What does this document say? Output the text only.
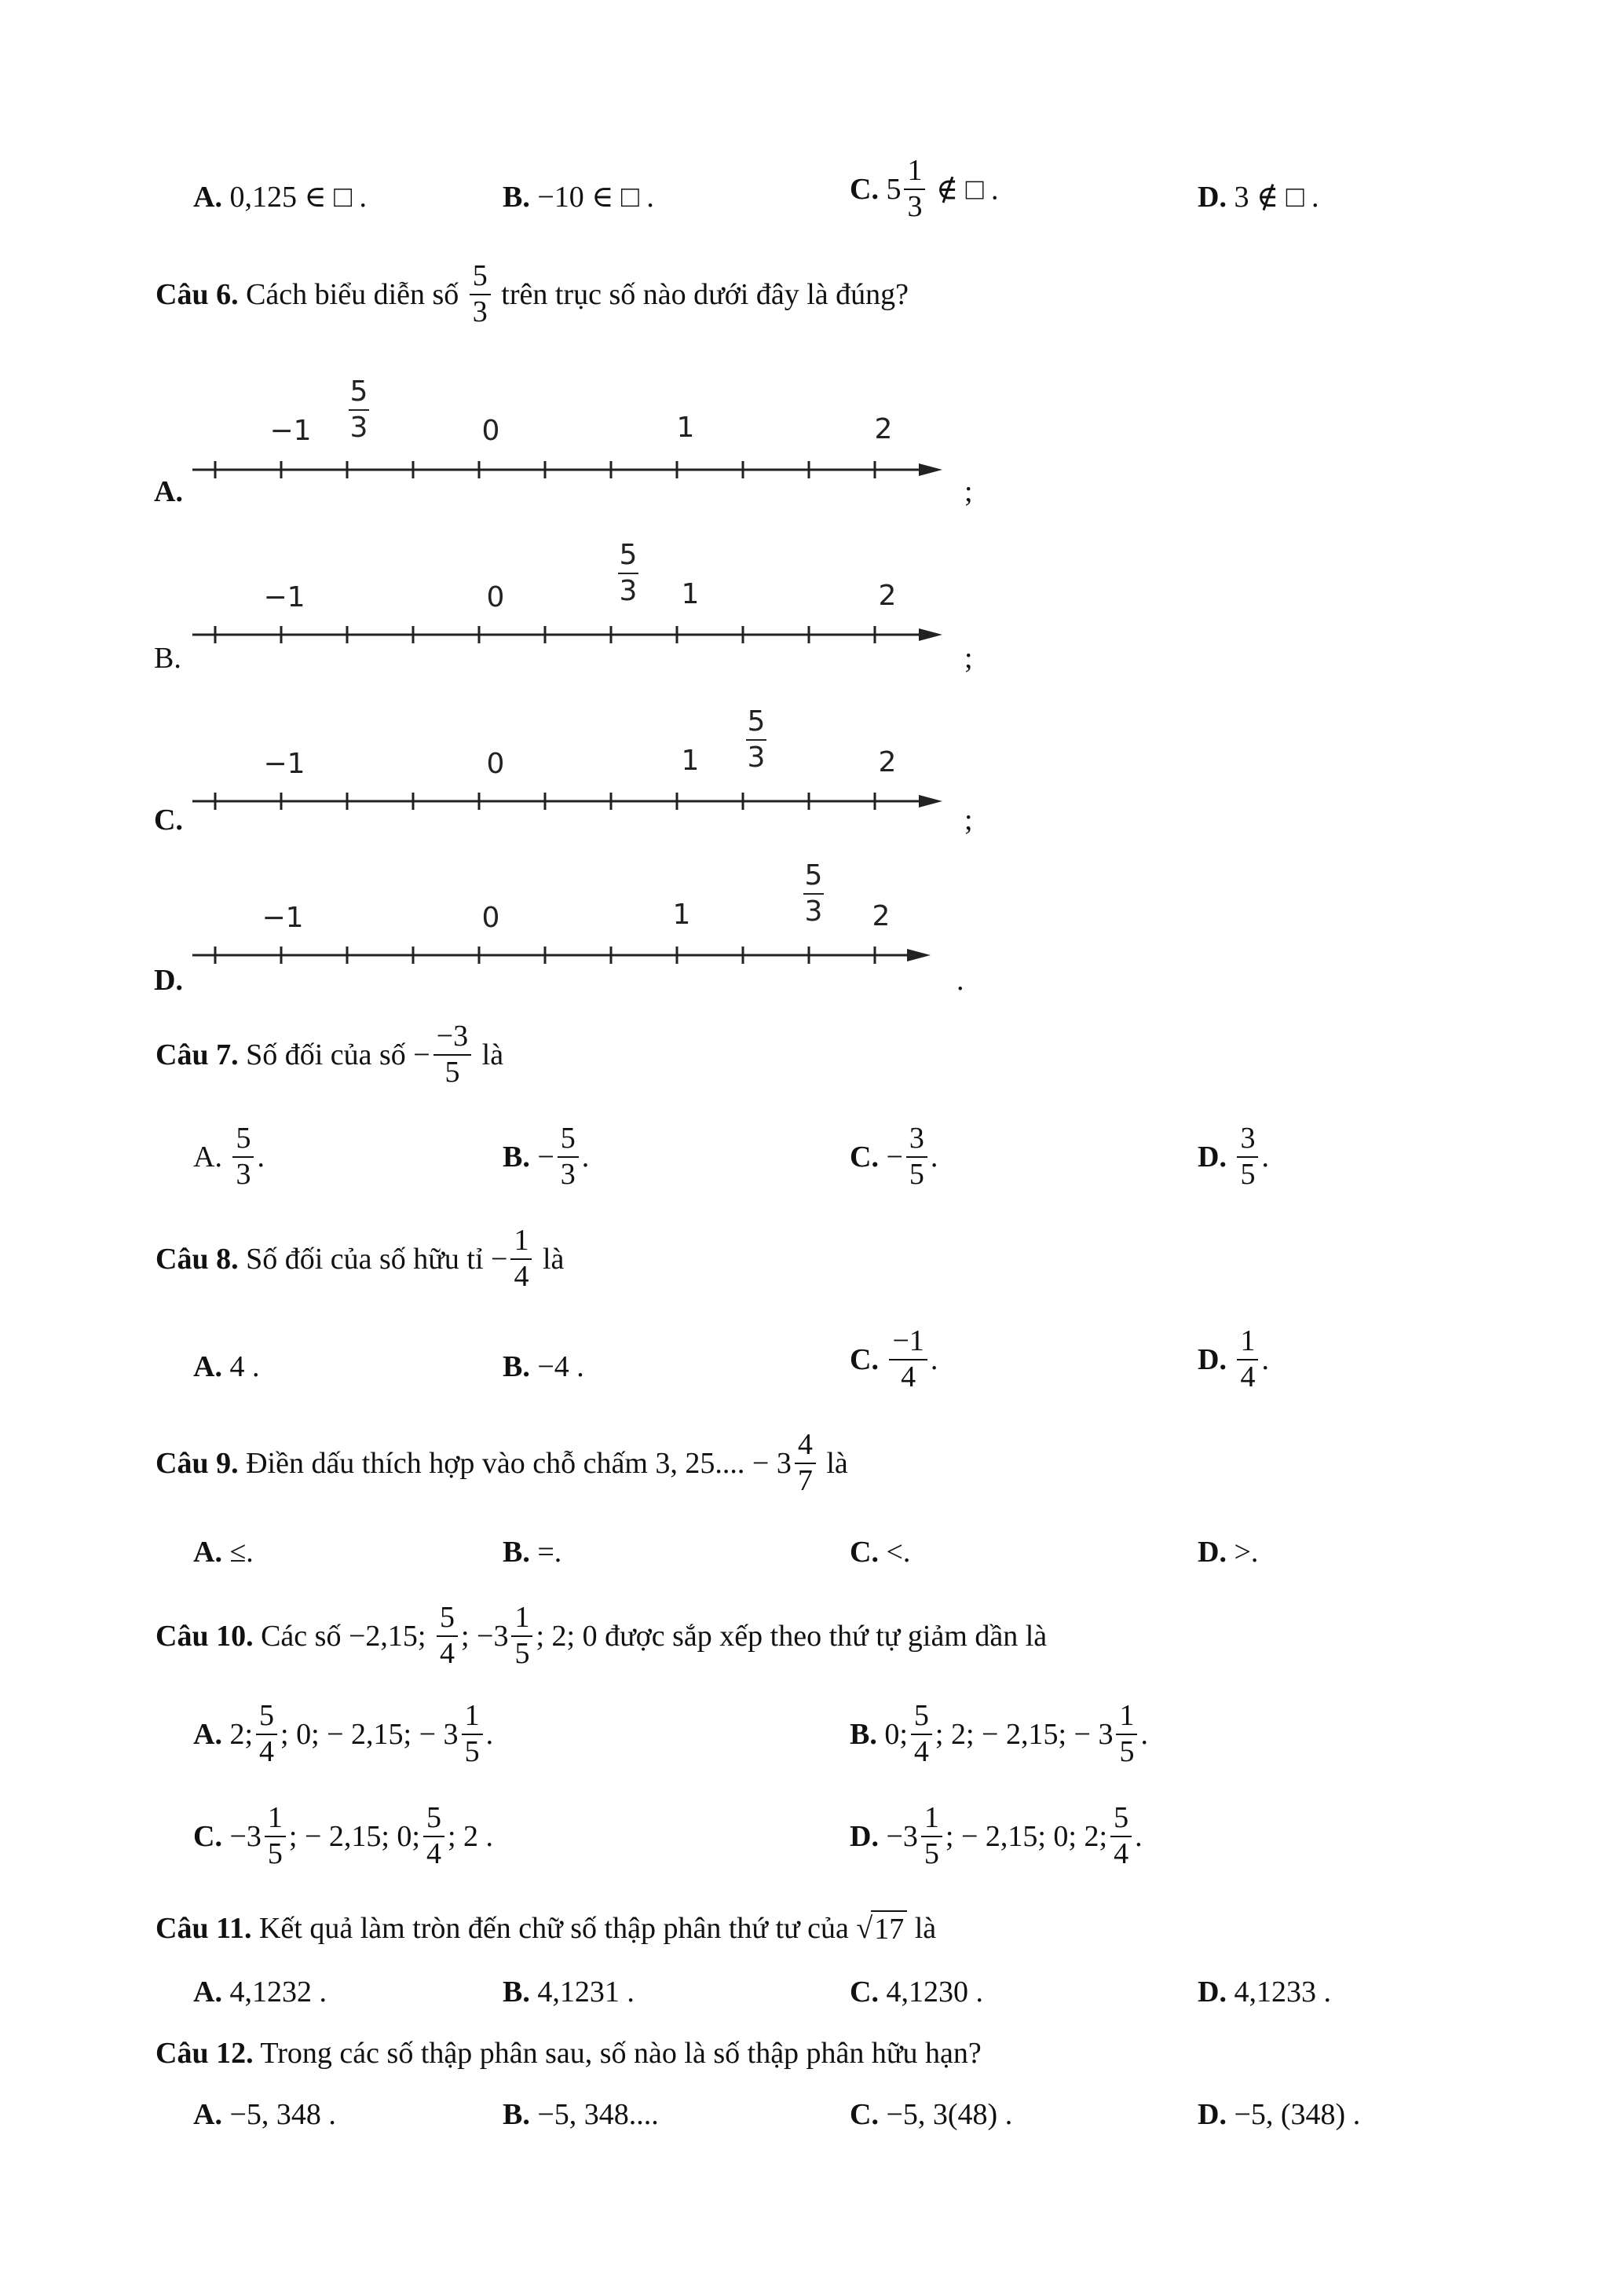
A. 0,125 ∈ □ .	B. −10 ∈ □ .	C. $5 \frac{1}{3}$ ∉ □ .	D. 3 ∉ □ .
Câu 6. Cách biểu diễn số $\frac{5}{3}$ trên trục số nào dưới đây là đúng?
A.
−1
5
3	0	1	2
;
B.
−1	0
5
3 1	2
;
C.
−1	0	1
5
3	2
;
D.
−1	0	1
5
3 2
.
Câu 7. Số đối của số − $\frac{-3}{5}$ là
A. $\frac{5}{3}$ .	B. − $\frac{5}{3}$ .	C. − $\frac{3}{5}$ .	D. $\frac{3}{5}$ .
Câu 8. Số đối của số hữu tỉ − $\frac{1}{4}$ là
A. 4 .	B. −4 .	C. $\frac{-1}{4}$ .	D. $\frac{1}{4}$ .
Câu 9. Điền dấu thích hợp vào chỗ chấm 3, 25.... − $3 \frac{4}{7}$ là
A. ≤.	B. =.	C. <.	D. >.
Câu 10. Các số −2,15; $\frac{5}{4}$ ; $-3 \frac{1}{5}$ ; 2; 0 được sắp xếp theo thứ tự giảm dần là
A. 2; $\frac{5}{4}$ ; 0; − 2,15; − $3 \frac{1}{5}$ .	B. 0; $\frac{5}{4}$ ; 2; − 2,15; − $3 \frac{1}{5}$ .
C. $-3 \frac{1}{5}$ ; − 2,15; 0; $\frac{5}{4}$ ; 2 .	D. $-3 \frac{1}{5}$ ; − 2,15; 0; 2; $\frac{5}{4}$ .
Câu 11. Kết quả làm tròn đến chữ số thập phân thứ tư của √ 17 là
A. 4,1232 .	B. 4,1231 .	C. 4,1230 .	D. 4,1233 .
Câu 12. Trong các số thập phân sau, số nào là số thập phân hữu hạn?
A. −5, 348 .	B. −5, 348....	C. −5, 3(48) .	D. −5, (348) .
